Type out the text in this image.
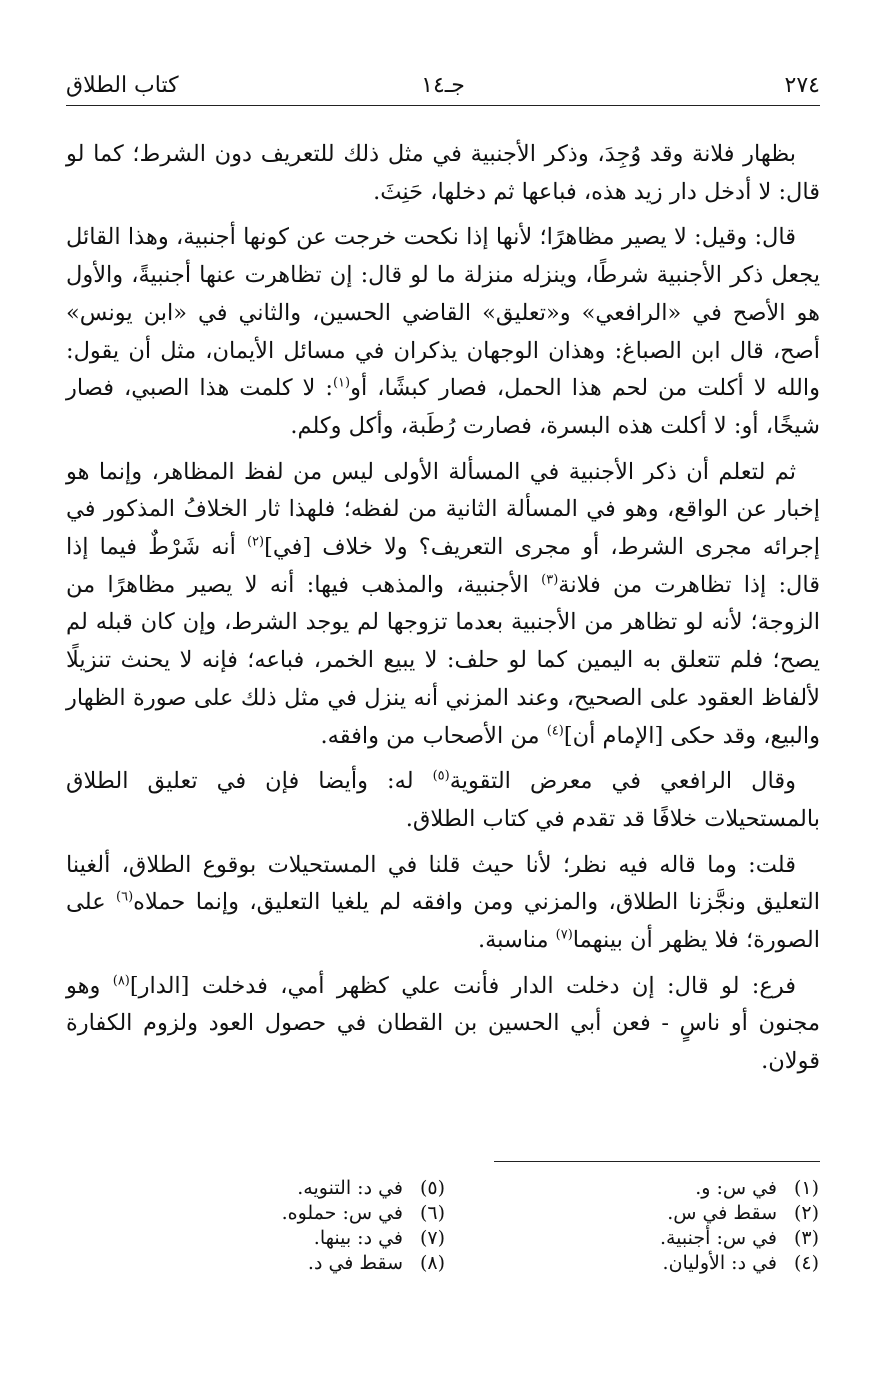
٢٧٤
جـ١٤
كتاب الطلاق

بظهار فلانة وقد وُجِدَ، وذكر الأجنبية في مثل ذلك للتعريف دون الشرط؛ كما لو قال: لا أدخل دار زيد هذه، فباعها ثم دخلها، حَنِثَ.

قال: وقيل: لا يصير مظاهرًا؛ لأنها إذا نكحت خرجت عن كونها أجنبية، وهذا القائل يجعل ذكر الأجنبية شرطًا، وينزله منزلة ما لو قال: إن تظاهرت عنها أجنبيةً، والأول هو الأصح في «الرافعي» و«تعليق» القاضي الحسين، والثاني في «ابن يونس» أصح، قال ابن الصباغ: وهذان الوجهان يذكران في مسائل الأيمان، مثل أن يقول: والله لا أكلت من لحم هذا الحمل، فصار كبشًا، أو$^{(١)}$: لا كلمت هذا الصبي، فصار شيخًا، أو: لا أكلت هذه البسرة، فصارت رُطَبة، وأكل وكلم.

ثم لتعلم أن ذكر الأجنبية في المسألة الأولى ليس من لفظ المظاهر، وإنما هو إخبار عن الواقع، وهو في المسألة الثانية من لفظه؛ فلهذا ثار الخلافُ المذكور في إجرائه مجرى الشرط، أو مجرى التعريف؟ ولا خلاف [في]$^{(٢)}$ أنه شَرْطٌ فيما إذا قال: إذا تظاهرت من فلانة$^{(٣)}$ الأجنبية، والمذهب فيها: أنه لا يصير مظاهرًا من الزوجة؛ لأنه لو تظاهر من الأجنبية بعدما تزوجها لم يوجد الشرط، وإن كان قبله لم يصح؛ فلم تتعلق به اليمين كما لو حلف: لا يبيع الخمر، فباعه؛ فإنه لا يحنث تنزيلًا لألفاظ العقود على الصحيح، وعند المزني أنه ينزل في مثل ذلك على صورة الظهار والبيع، وقد حكى [الإمام أن]$^{(٤)}$ من الأصحاب من وافقه.

وقال الرافعي في معرض التقوية$^{(٥)}$ له: وأيضا فإن في تعليق الطلاق بالمستحيلات خلافًا قد تقدم في كتاب الطلاق.

قلت: وما قاله فيه نظر؛ لأنا حيث قلنا في المستحيلات بوقوع الطلاق، ألغينا التعليق ونجَّزنا الطلاق، والمزني ومن وافقه لم يلغيا التعليق، وإنما حملاه$^{(٦)}$ على الصورة؛ فلا يظهر أن بينهما$^{(٧)}$ مناسبة.

فرع: لو قال: إن دخلت الدار فأنت علي كظهر أمي، فدخلت [الدار]$^{(٨)}$ وهو مجنون أو ناسٍ - فعن أبي الحسين بن القطان في حصول العود ولزوم الكفارة قولان.

(١)في س: و.
(٢)سقط في س.
(٣)في س: أجنبية.
(٤)في د: الأوليان.
(٥)في د: التنويه.
(٦)في س: حملوه.
(٧)في د: بينها.
(٨)سقط في د.
